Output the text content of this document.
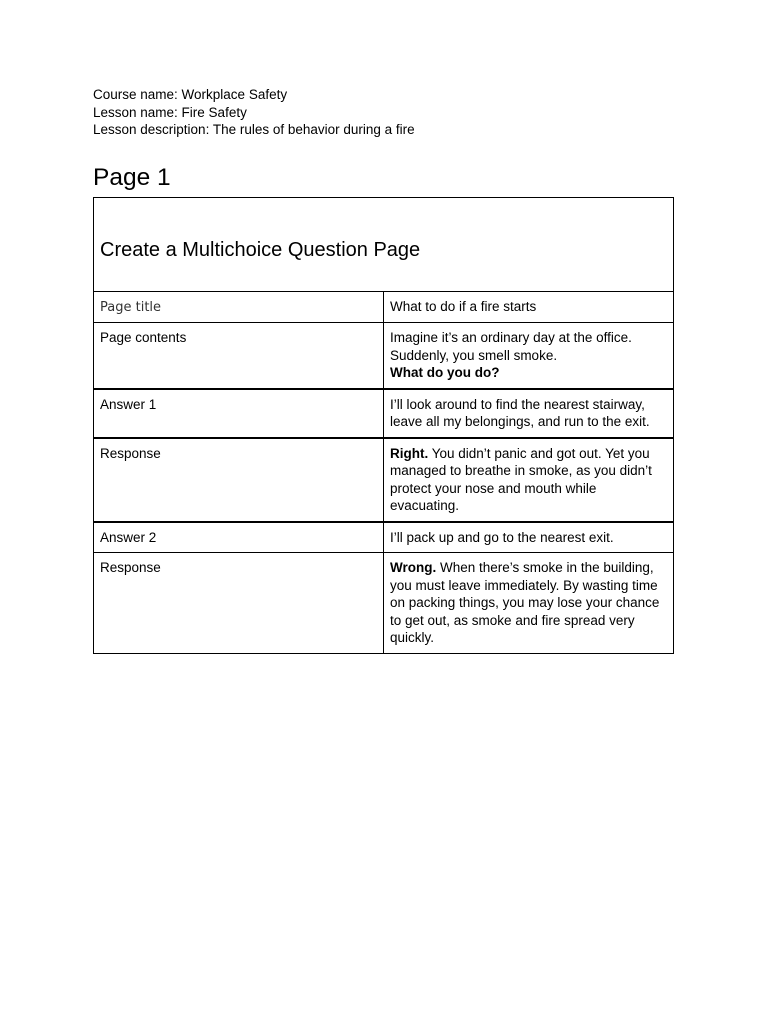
Course name: Workplace Safety
Lesson name: Fire Safety
Lesson description: The rules of behavior during a fire
Page 1
Create a Multichoice Question Page	
Page title	What to do if a fire starts
Page contents	Imagine it’s an ordinary day at the office. Suddenly, you smell smoke.
What do you do?
Answer 1	I’ll look around to find the nearest stairway, leave all my belongings, and run to the exit.
Response	Right. You didn’t panic and got out. Yet you managed to breathe in smoke, as you didn’t protect your nose and mouth while evacuating.
Answer 2	I’ll pack up and go to the nearest exit.
Response	Wrong. When there’s smoke in the building, you must leave immediately. By wasting time on packing things, you may lose your chance to get out, as smoke and fire spread very quickly.
